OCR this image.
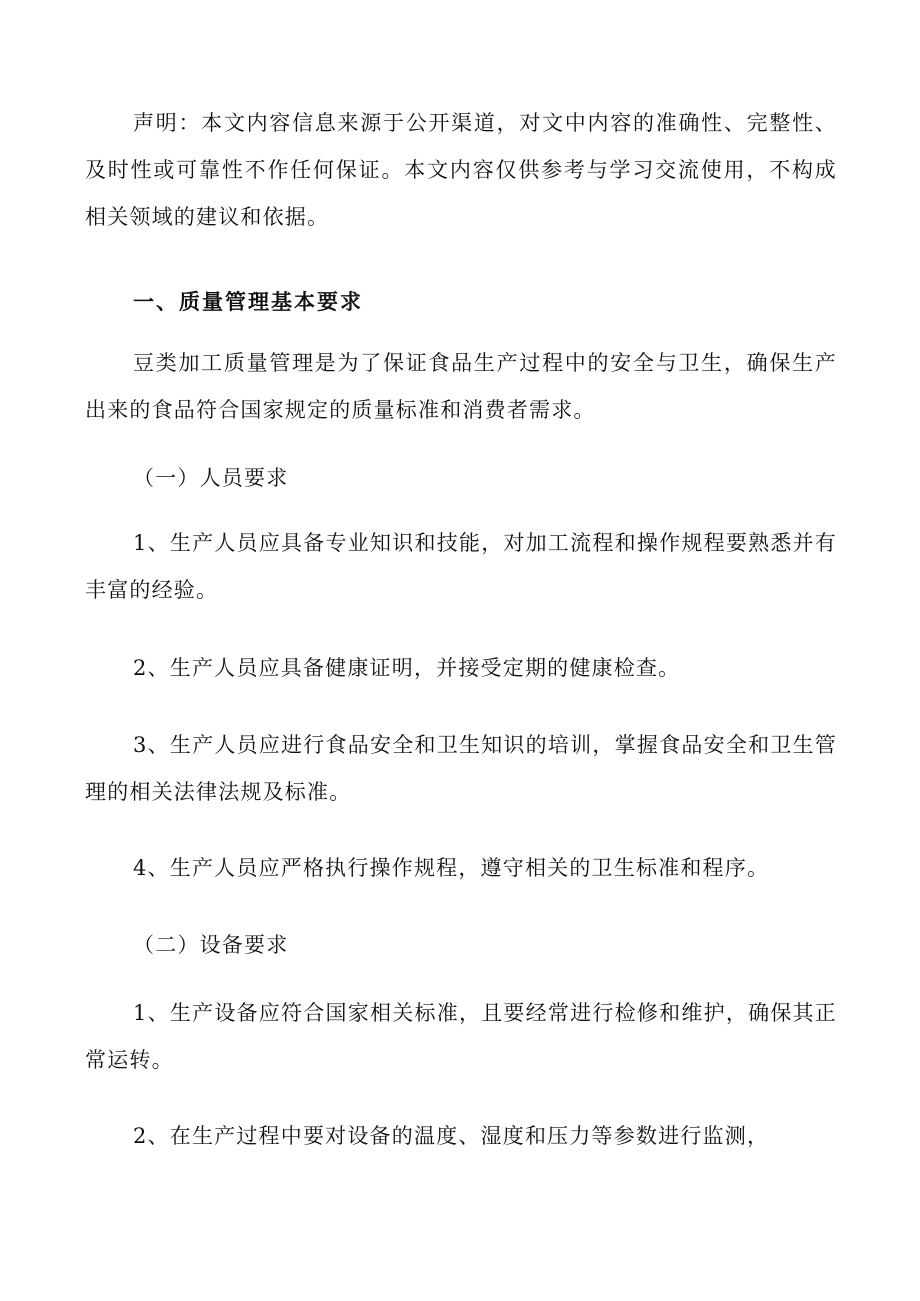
声明：本文内容信息来源于公开渠道，对文中内容的准确性、完整性、及时性或可靠性不作任何保证。本文内容仅供参考与学习交流使用，不构成相关领域的建议和依据。

一、质量管理基本要求

豆类加工质量管理是为了保证食品生产过程中的安全与卫生，确保生产出来的食品符合国家规定的质量标准和消费者需求。

（一）人员要求

1、生产人员应具备专业知识和技能，对加工流程和操作规程要熟悉并有丰富的经验。

2、生产人员应具备健康证明，并接受定期的健康检查。

3、生产人员应进行食品安全和卫生知识的培训，掌握食品安全和卫生管理的相关法律法规及标准。

4、生产人员应严格执行操作规程，遵守相关的卫生标准和程序。

（二）设备要求

1、生产设备应符合国家相关标准，且要经常进行检修和维护，确保其正常运转。

2、在生产过程中要对设备的温度、湿度和压力等参数进行监测，
